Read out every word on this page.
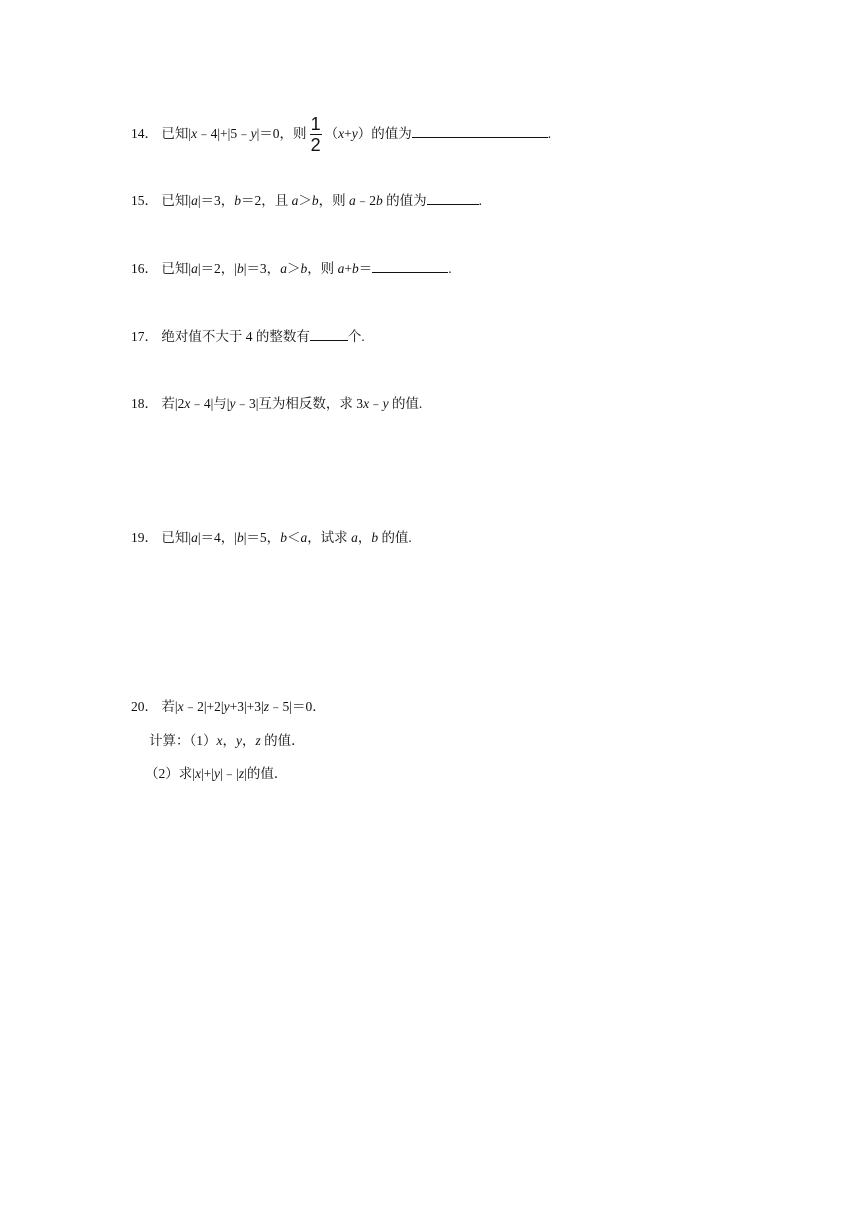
14． 已知|x﹣4|+|5﹣y|＝0，则 $\frac{1}{2} (x+y)$的值为	.
15． 已知|a|＝3，b＝2，且 a＞b，则 a﹣2b 的值为	.
16． 已知|a|＝2，|b|＝3，a＞b，则 a+b＝	.
17． 绝对值不大于 4 的整数有	个.
18． 若|2x﹣4|与|y﹣3|互为相反数，求 3x﹣y 的值.
19． 已知|a|＝4，|b|＝5，b＜a，试求 a，b 的值.
20． 若|x﹣2|+2|y+3|+3|z﹣5|＝0．
计算：（1）x，y，z 的值．
（2）求|x|+|y|﹣|z|的值．
